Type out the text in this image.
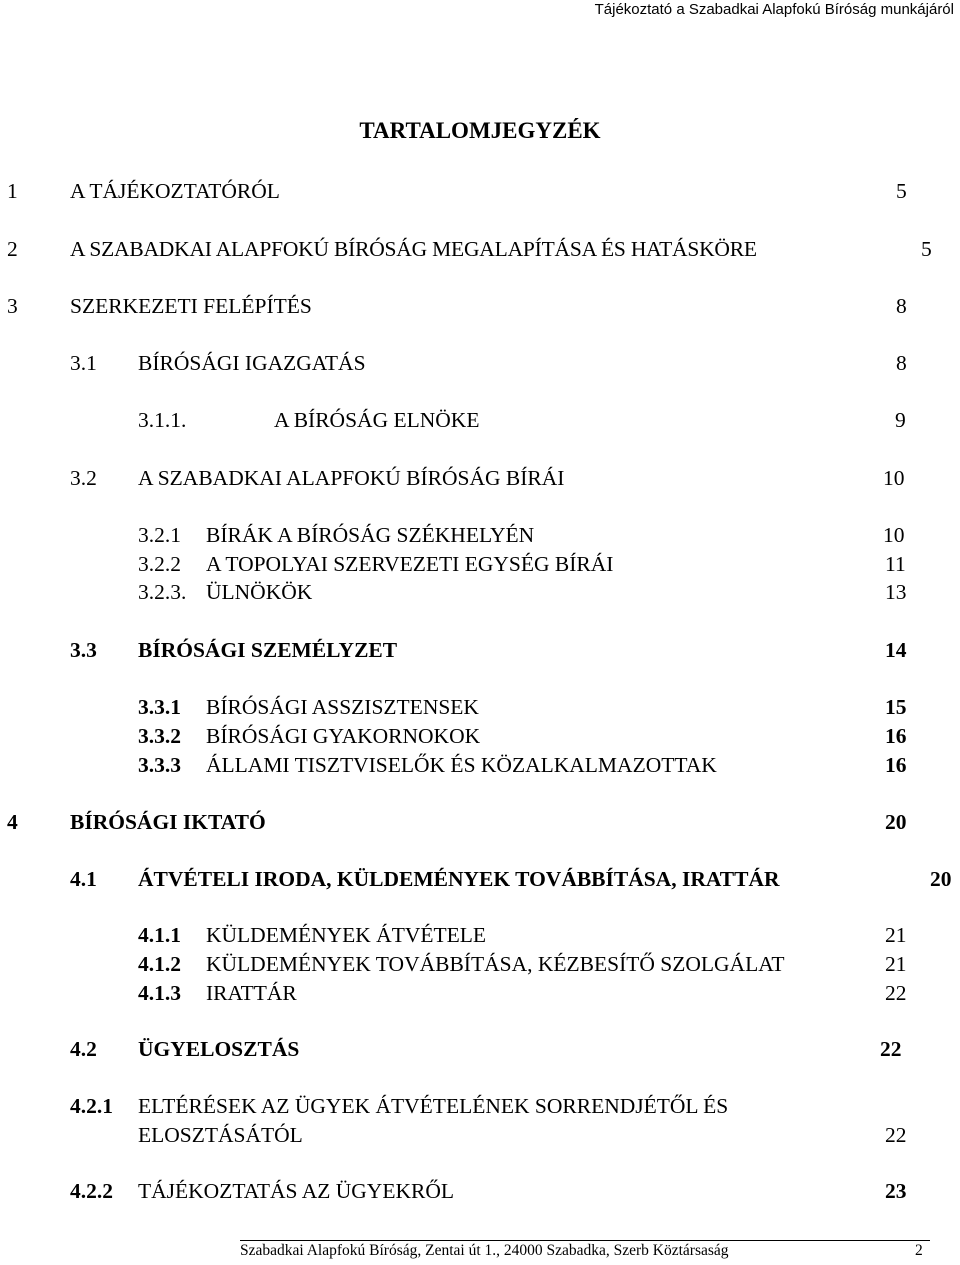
Tájékoztató a Szabadkai Alapfokú Bíróság munkájáról
TARTALOMJEGYZÉK
1 A TÁJÉKOZTATÓRÓL	5
2 A SZABADKAI ALAPFOKÚ BÍRÓSÁG MEGALAPÍTÁSA ÉS HATÁSKÖRE	5
3 SZERKEZETI FELÉPÍTÉS	8
3.1 BÍRÓSÁGI IGAZGATÁS	8
3.1.1.	A BÍRÓSÁG ELNÖKE	9
3.2 A SZABADKAI ALAPFOKÚ BÍRÓSÁG BÍRÁI	10
3.2.1 BÍRÁK A BÍRÓSÁG SZÉKHELYÉN	10
3.2.2 A TOPOLYAI SZERVEZETI EGYSÉG BÍRÁI	11
3.2.3. ÜLNÖKÖK	13
3.3 BÍRÓSÁGI SZEMÉLYZET	14
3.3.1 BÍRÓSÁGI ASSZISZTENSEK	15
3.3.2 BÍRÓSÁGI GYAKORNOKOK	16
3.3.3 ÁLLAMI TISZTVISELŐK ÉS KÖZALKALMAZOTTAK	16
4 BÍRÓSÁGI IKTATÓ	20
4.1 ÁTVÉTELI IRODA, KÜLDEMÉNYEK TOVÁBBÍTÁSA, IRATTÁR	20
4.1.1 KÜLDEMÉNYEK ÁTVÉTELE	21
4.1.2 KÜLDEMÉNYEK TOVÁBBÍTÁSA, KÉZBESÍTŐ SZOLGÁLAT	21
4.1.3 IRATTÁR	22
4.2 ÜGYELOSZTÁS	22
4.2.1 ELTÉRÉSEK AZ ÜGYEK ÁTVÉTELÉNEK SORRENDJÉTŐL ÉS
ELOSZTÁSÁTÓL	22
4.2.2 TÁJÉKOZTATÁS AZ ÜGYEKRŐL	23
Szabadkai Alapfokú Bíróság, Zentai út 1., 24000 Szabadka, Szerb Köztársaság	2
